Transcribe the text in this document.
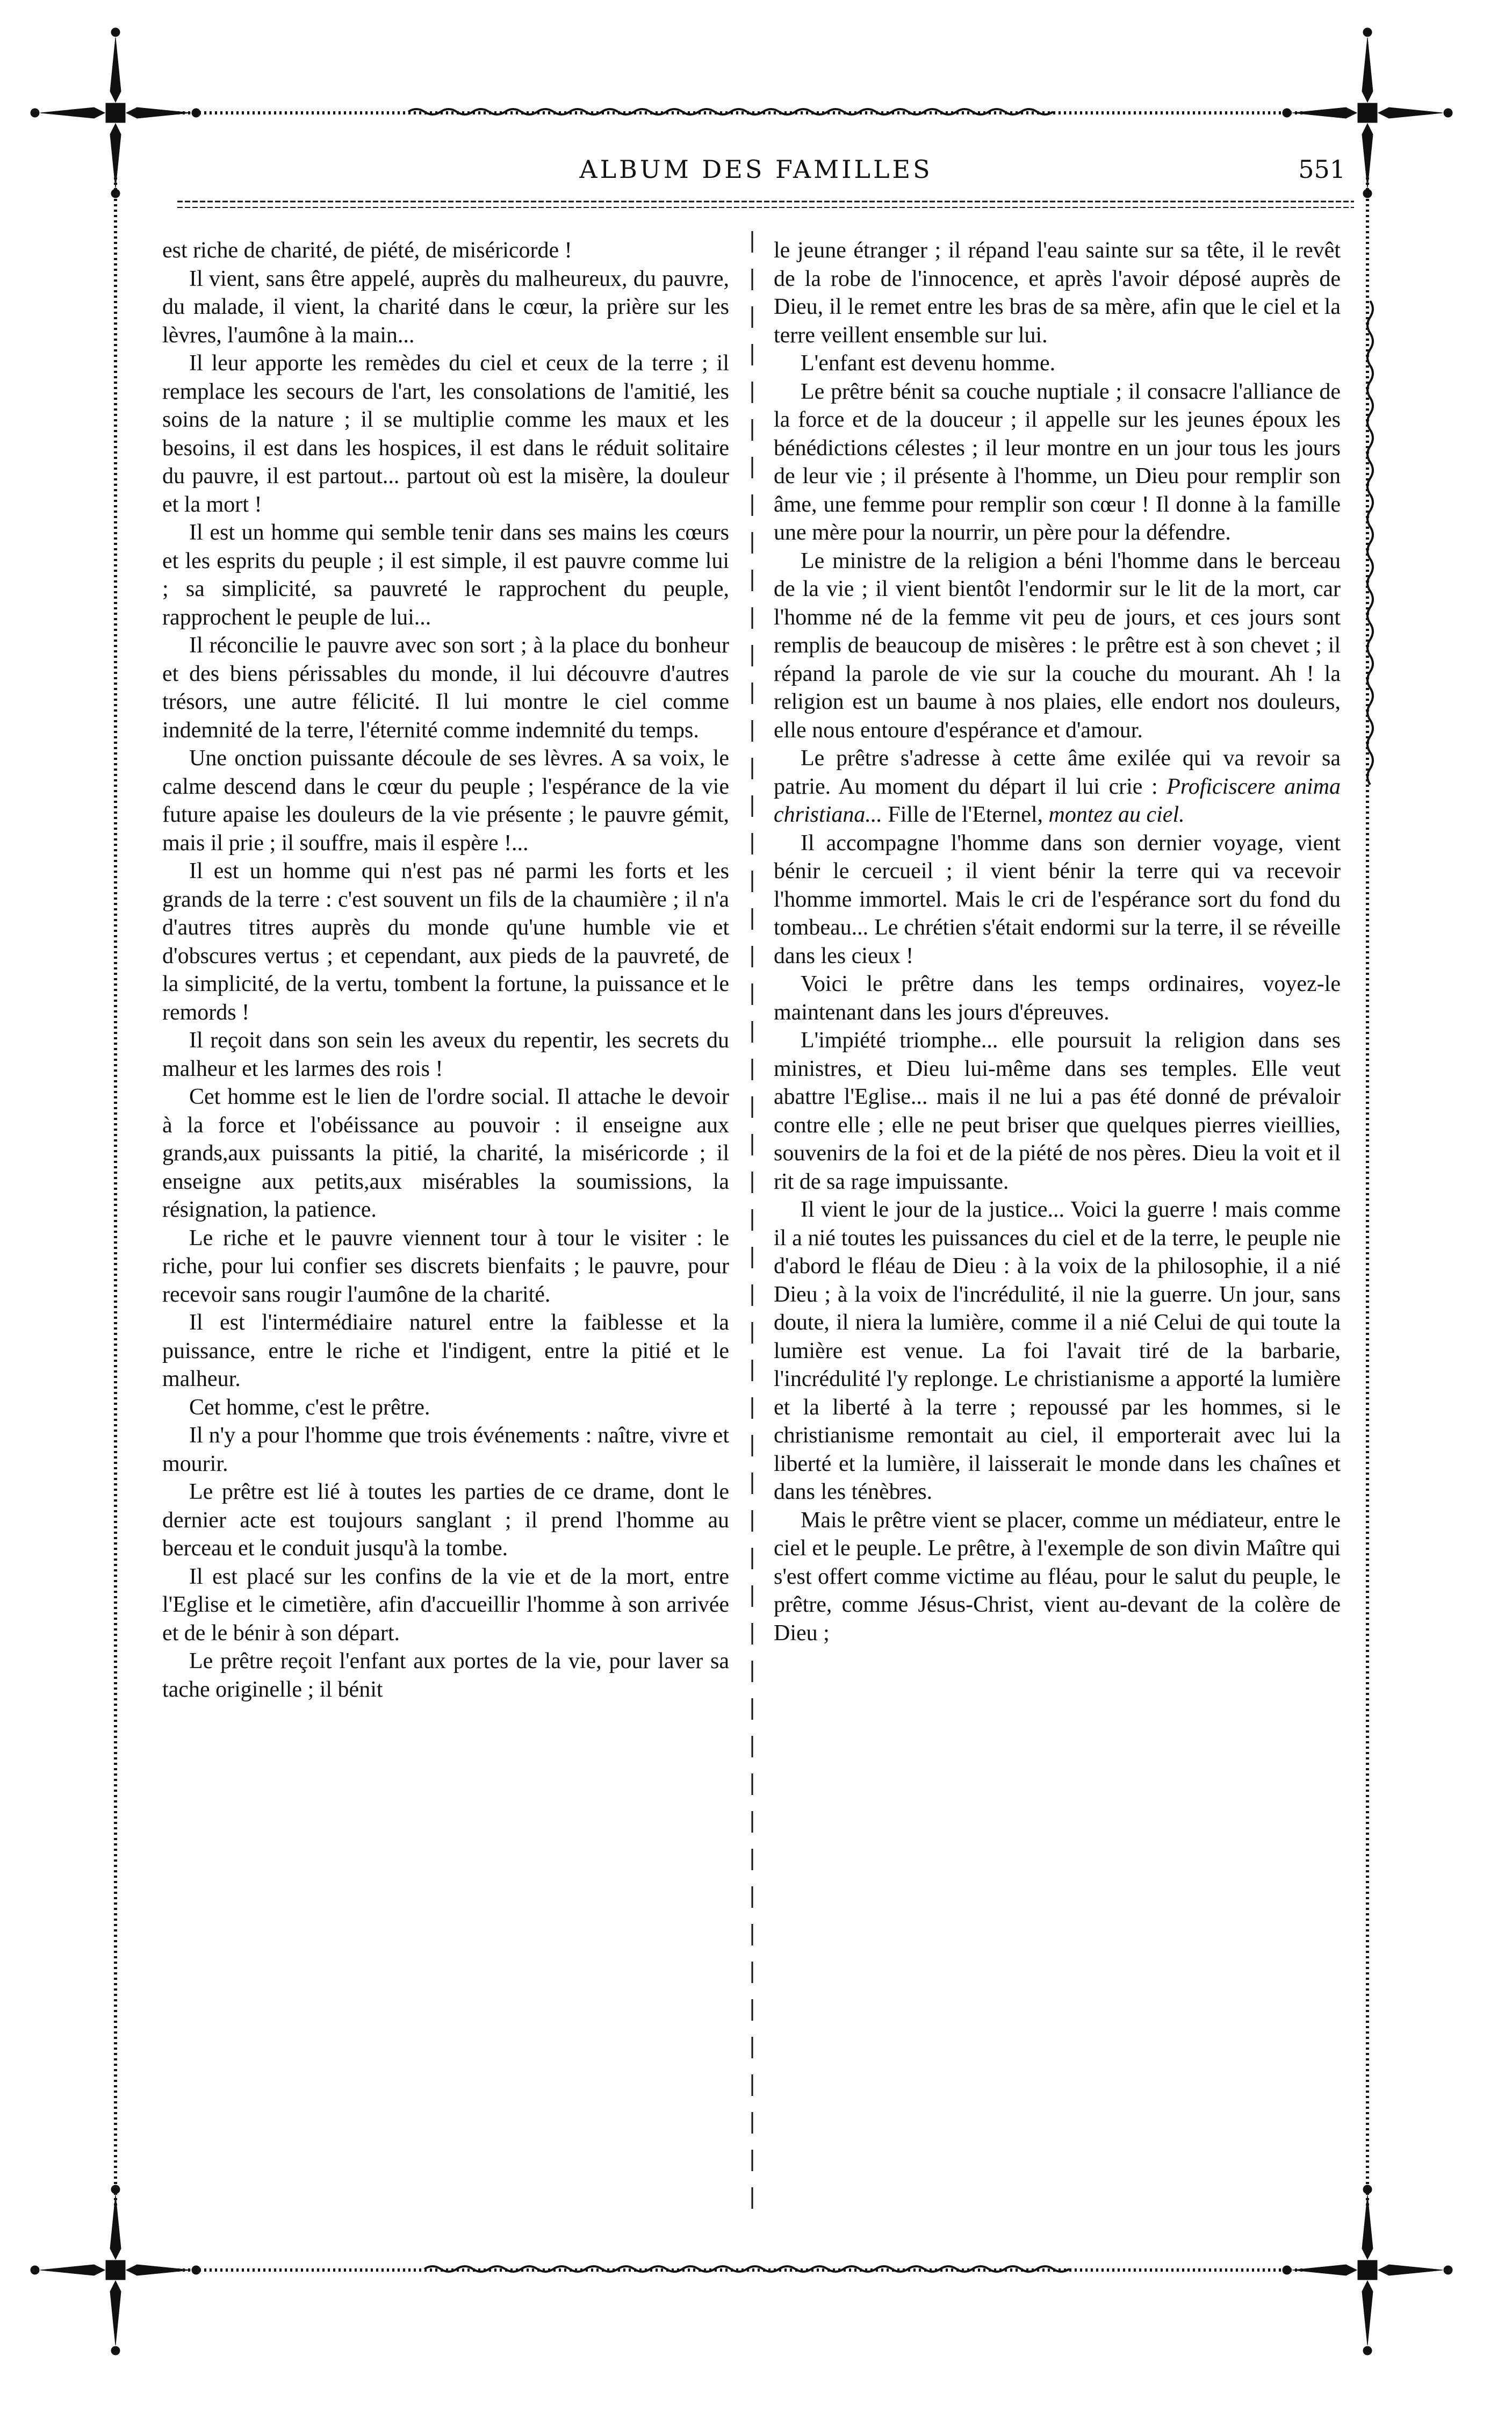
ALBUM DES FAMILLES	551

est riche de charité, de piété, de miséricorde !

Il vient, sans être appelé, auprès du malheureux, du pauvre, du malade, il vient, la charité dans le cœur, la prière sur les lèvres, l'aumône à la main...

Il leur apporte les remèdes du ciel et ceux de la terre ; il remplace les secours de l'art, les consolations de l'amitié, les soins de la nature ; il se multiplie comme les maux et les besoins, il est dans les hospices, il est dans le réduit solitaire du pauvre, il est partout... partout où est la misère, la douleur et la mort !

Il est un homme qui semble tenir dans ses mains les cœurs et les esprits du peuple ; il est simple, il est pauvre comme lui ; sa simplicité, sa pauvreté le rapprochent du peuple, rapprochent le peuple de lui...

Il réconcilie le pauvre avec son sort ; à la place du bonheur et des biens périssables du monde, il lui découvre d'autres trésors, une autre félicité. Il lui montre le ciel comme indemnité de la terre, l'éternité comme indemnité du temps.

Une onction puissante découle de ses lèvres. A sa voix, le calme descend dans le cœur du peuple ; l'espérance de la vie future apaise les douleurs de la vie présente ; le pauvre gémit, mais il prie ; il souffre, mais il espère !...

Il est un homme qui n'est pas né parmi les forts et les grands de la terre : c'est souvent un fils de la chaumière ; il n'a d'autres titres auprès du monde qu'une humble vie et d'obscures vertus ; et cependant, aux pieds de la pauvreté, de la simplicité, de la vertu, tombent la fortune, la puissance et le remords !

Il reçoit dans son sein les aveux du repentir, les secrets du malheur et les larmes des rois !

Cet homme est le lien de l'ordre social. Il attache le devoir à la force et l'obéissance au pouvoir : il enseigne aux grands,aux puissants la pitié, la charité, la miséricorde ; il enseigne aux petits,aux misérables la soumissions, la résignation, la patience.

Le riche et le pauvre viennent tour à tour le visiter : le riche, pour lui confier ses discrets bienfaits ; le pauvre, pour recevoir sans rougir l'aumône de la charité.

Il est l'intermédiaire naturel entre la faiblesse et la puissance, entre le riche et l'indigent, entre la pitié et le malheur.

Cet homme, c'est le prêtre.

Il n'y a pour l'homme que trois événements : naître, vivre et mourir.

Le prêtre est lié à toutes les parties de ce drame, dont le dernier acte est toujours sanglant ; il prend l'homme au berceau et le conduit jusqu'à la tombe.

Il est placé sur les confins de la vie et de la mort, entre l'Eglise et le cimetière, afin d'accueillir l'homme à son arrivée et de le bénir à son départ.

Le prêtre reçoit l'enfant aux portes de la vie, pour laver sa tache originelle ; il bénit

le jeune étranger ; il répand l'eau sainte sur sa tête, il le revêt de la robe de l'innocence, et après l'avoir déposé auprès de Dieu, il le remet entre les bras de sa mère, afin que le ciel et la terre veillent ensemble sur lui.

L'enfant est devenu homme.

Le prêtre bénit sa couche nuptiale ; il consacre l'alliance de la force et de la douceur ; il appelle sur les jeunes époux les bénédictions célestes ; il leur montre en un jour tous les jours de leur vie ; il présente à l'homme, un Dieu pour remplir son âme, une femme pour remplir son cœur ! Il donne à la famille une mère pour la nourrir, un père pour la défendre.

Le ministre de la religion a béni l'homme dans le berceau de la vie ; il vient bientôt l'endormir sur le lit de la mort, car l'homme né de la femme vit peu de jours, et ces jours sont remplis de beaucoup de misères : le prêtre est à son chevet ; il répand la parole de vie sur la couche du mourant. Ah ! la religion est un baume à nos plaies, elle endort nos douleurs, elle nous entoure d'espérance et d'amour.

Le prêtre s'adresse à cette âme exilée qui va revoir sa patrie. Au moment du départ il lui crie : Proficiscere anima christiana... Fille de l'Eternel, montez au ciel.

Il accompagne l'homme dans son dernier voyage, vient bénir le cercueil ; il vient bénir la terre qui va recevoir l'homme immortel. Mais le cri de l'espérance sort du fond du tombeau... Le chrétien s'était endormi sur la terre, il se réveille dans les cieux !

Voici le prêtre dans les temps ordinaires, voyez-le maintenant dans les jours d'épreuves.

L'impiété triomphe... elle poursuit la religion dans ses ministres, et Dieu lui-même dans ses temples. Elle veut abattre l'Eglise... mais il ne lui a pas été donné de prévaloir contre elle ; elle ne peut briser que quelques pierres vieillies, souvenirs de la foi et de la piété de nos pères. Dieu la voit et il rit de sa rage impuissante.

Il vient le jour de la justice... Voici la guerre ! mais comme il a nié toutes les puissances du ciel et de la terre, le peuple nie d'abord le fléau de Dieu : à la voix de la philosophie, il a nié Dieu ; à la voix de l'incrédulité, il nie la guerre. Un jour, sans doute, il niera la lumière, comme il a nié Celui de qui toute la lumière est venue. La foi l'avait tiré de la barbarie, l'incrédulité l'y replonge. Le christianisme a apporté la lumière et la liberté à la terre ; repoussé par les hommes, si le christianisme remontait au ciel, il emporterait avec lui la liberté et la lumière, il laisserait le monde dans les chaînes et dans les ténèbres.

Mais le prêtre vient se placer, comme un médiateur, entre le ciel et le peuple. Le prêtre, à l'exemple de son divin Maître qui s'est offert comme victime au fléau, pour le salut du peuple, le prêtre, comme Jésus-Christ, vient au-devant de la colère de Dieu ;
